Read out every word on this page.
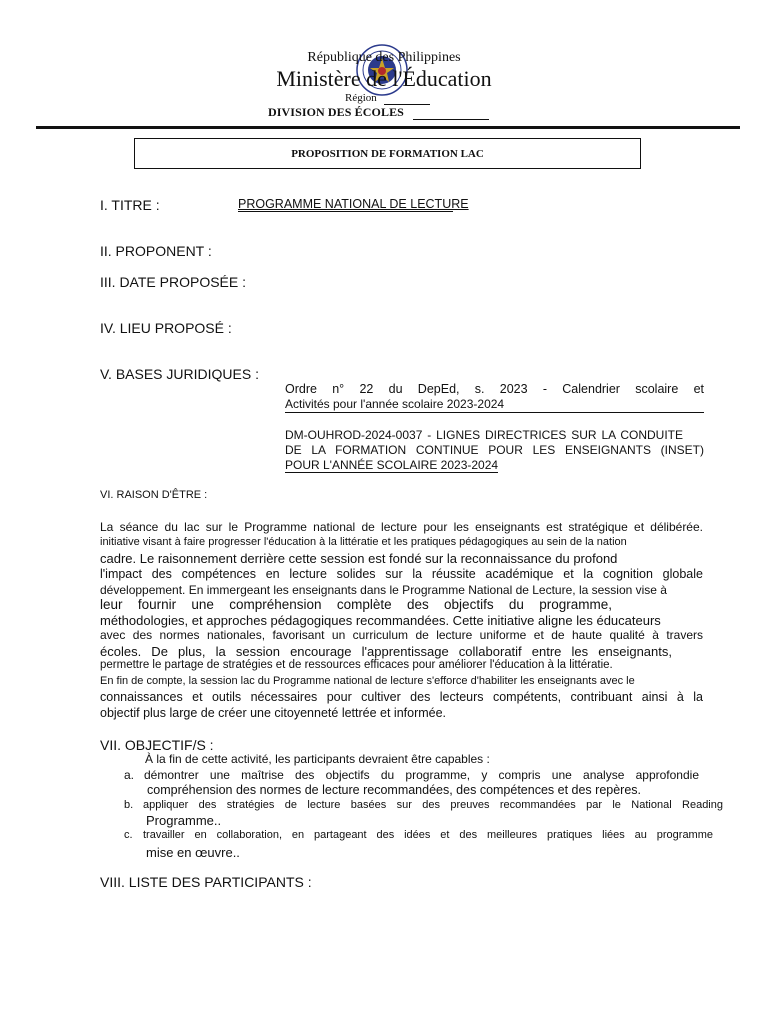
République des Philippines
Ministère de l'Éducation
Région
DIVISION DES ÉCOLES
PROPOSITION DE FORMATION LAC
I. TITRE :	PROGRAMME NATIONAL DE LECTURE
II. PROPONENT :
III. DATE PROPOSÉE :
IV. LIEU PROPOSÉ :
V. BASES JURIDIQUES :

Ordre n° 22 du DepEd, s. 2023 - Calendrier scolaire et

Activités pour l'année scolaire 2023-2024

DM-OUHROD-2024-0037 - LIGNES DIRECTRICES SUR LA CONDUITE

DE LA FORMATION CONTINUE POUR LES ENSEIGNANTS (INSET)

POUR L'ANNÉE SCOLAIRE 2023-2024

VI. RAISON D'ÊTRE :
La séance du lac sur le Programme national de lecture pour les enseignants est stratégique et délibérée.
initiative visant à faire progresser l'éducation à la littératie et les pratiques pédagogiques au sein de la nation
cadre. Le raisonnement derrière cette session est fondé sur la reconnaissance du profond
l'impact des compétences en lecture solides sur la réussite académique et la cognition globale
développement. En immergeant les enseignants dans le Programme National de Lecture, la session vise à
leur fournir une compréhension complète des objectifs du programme,
méthodologies, et approches pédagogiques recommandées. Cette initiative aligne les éducateurs
avec des normes nationales, favorisant un curriculum de lecture uniforme et de haute qualité à travers
écoles. De plus, la session encourage l'apprentissage collaboratif entre les enseignants,
permettre le partage de stratégies et de ressources efficaces pour améliorer l'éducation à la littératie.
En fin de compte, la session lac du Programme national de lecture s'efforce d'habiliter les enseignants avec le
connaissances et outils nécessaires pour cultiver des lecteurs compétents, contribuant ainsi à la
objectif plus large de créer une citoyenneté lettrée et informée.
VII. OBJECTIF/S :
À la fin de cette activité, les participants devraient être capables :
a. démontrer une maîtrise des objectifs du programme, y compris une analyse approfondie
compréhension des normes de lecture recommandées, des compétences et des repères.
b. appliquer des stratégies de lecture basées sur des preuves recommandées par le National Reading
Programme..
c. travailler en collaboration, en partageant des idées et des meilleures pratiques liées au programme
mise en œuvre..
VIII. LISTE DES PARTICIPANTS :
